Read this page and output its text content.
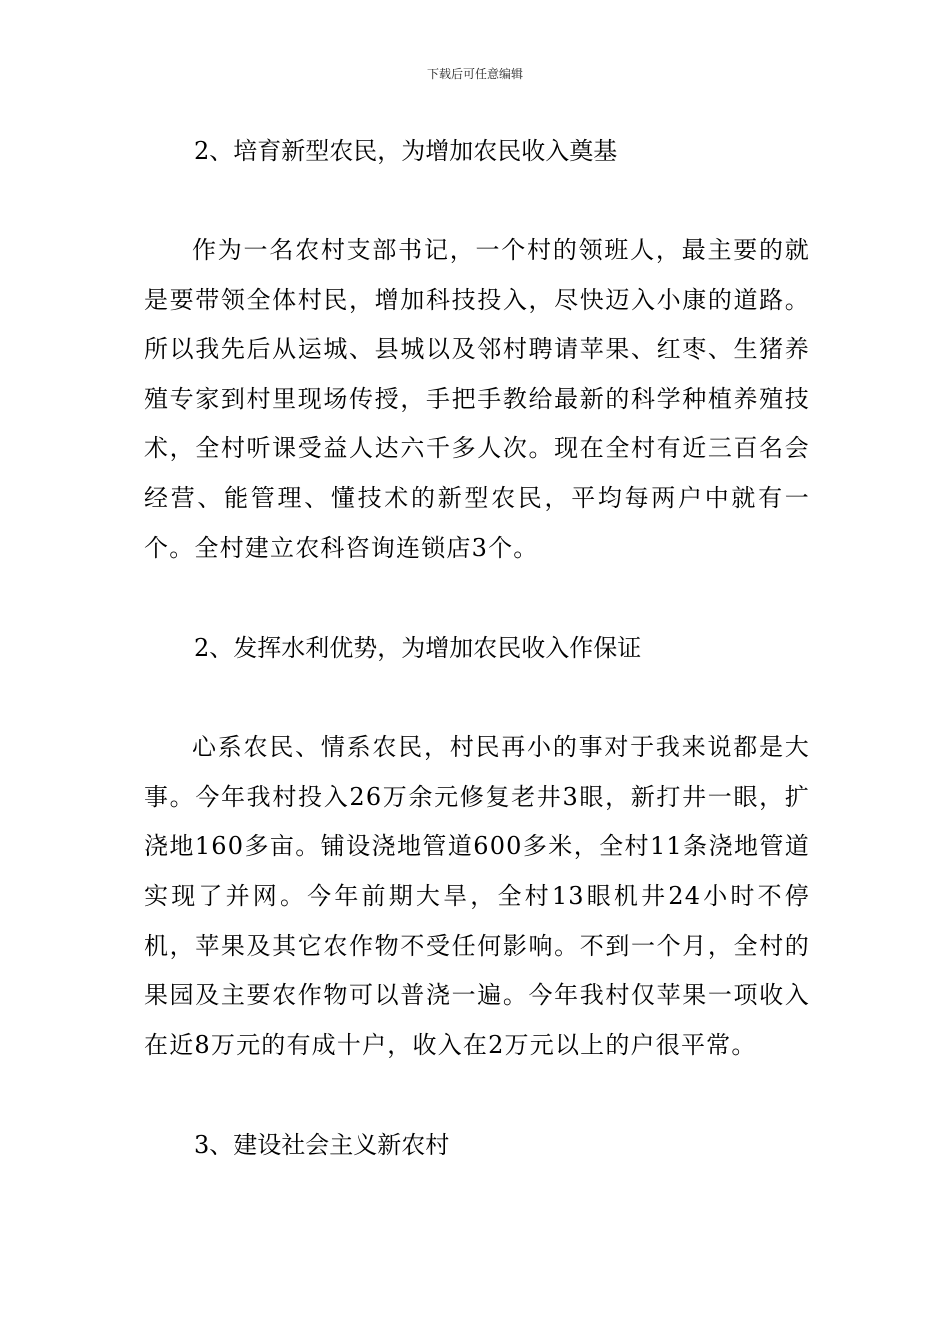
下载后可任意编辑
2、培育新型农民，为增加农民收入奠基
作为一名农村支部书记，一个村的领班人，最主要的就是要带领全体村民，增加科技投入，尽快迈入小康的道路。所以我先后从运城、县城以及邻村聘请苹果、红枣、生猪养殖专家到村里现场传授，手把手教给最新的科学种植养殖技术，全村听课受益人达六千多人次。现在全村有近三百名会经营、能管理、懂技术的新型农民，平均每两户中就有一个。全村建立农科咨询连锁店3个。
2、发挥水利优势，为增加农民收入作保证
心系农民、情系农民，村民再小的事对于我来说都是大事。今年我村投入26万余元修复老井3眼，新打井一眼，扩浇地160多亩。铺设浇地管道600多米，全村11条浇地管道实现了并网。今年前期大旱，全村13眼机井24小时不停机，苹果及其它农作物不受任何影响。不到一个月，全村的果园及主要农作物可以普浇一遍。今年我村仅苹果一项收入在近8万元的有成十户，收入在2万元以上的户很平常。
3、建设社会主义新农村
